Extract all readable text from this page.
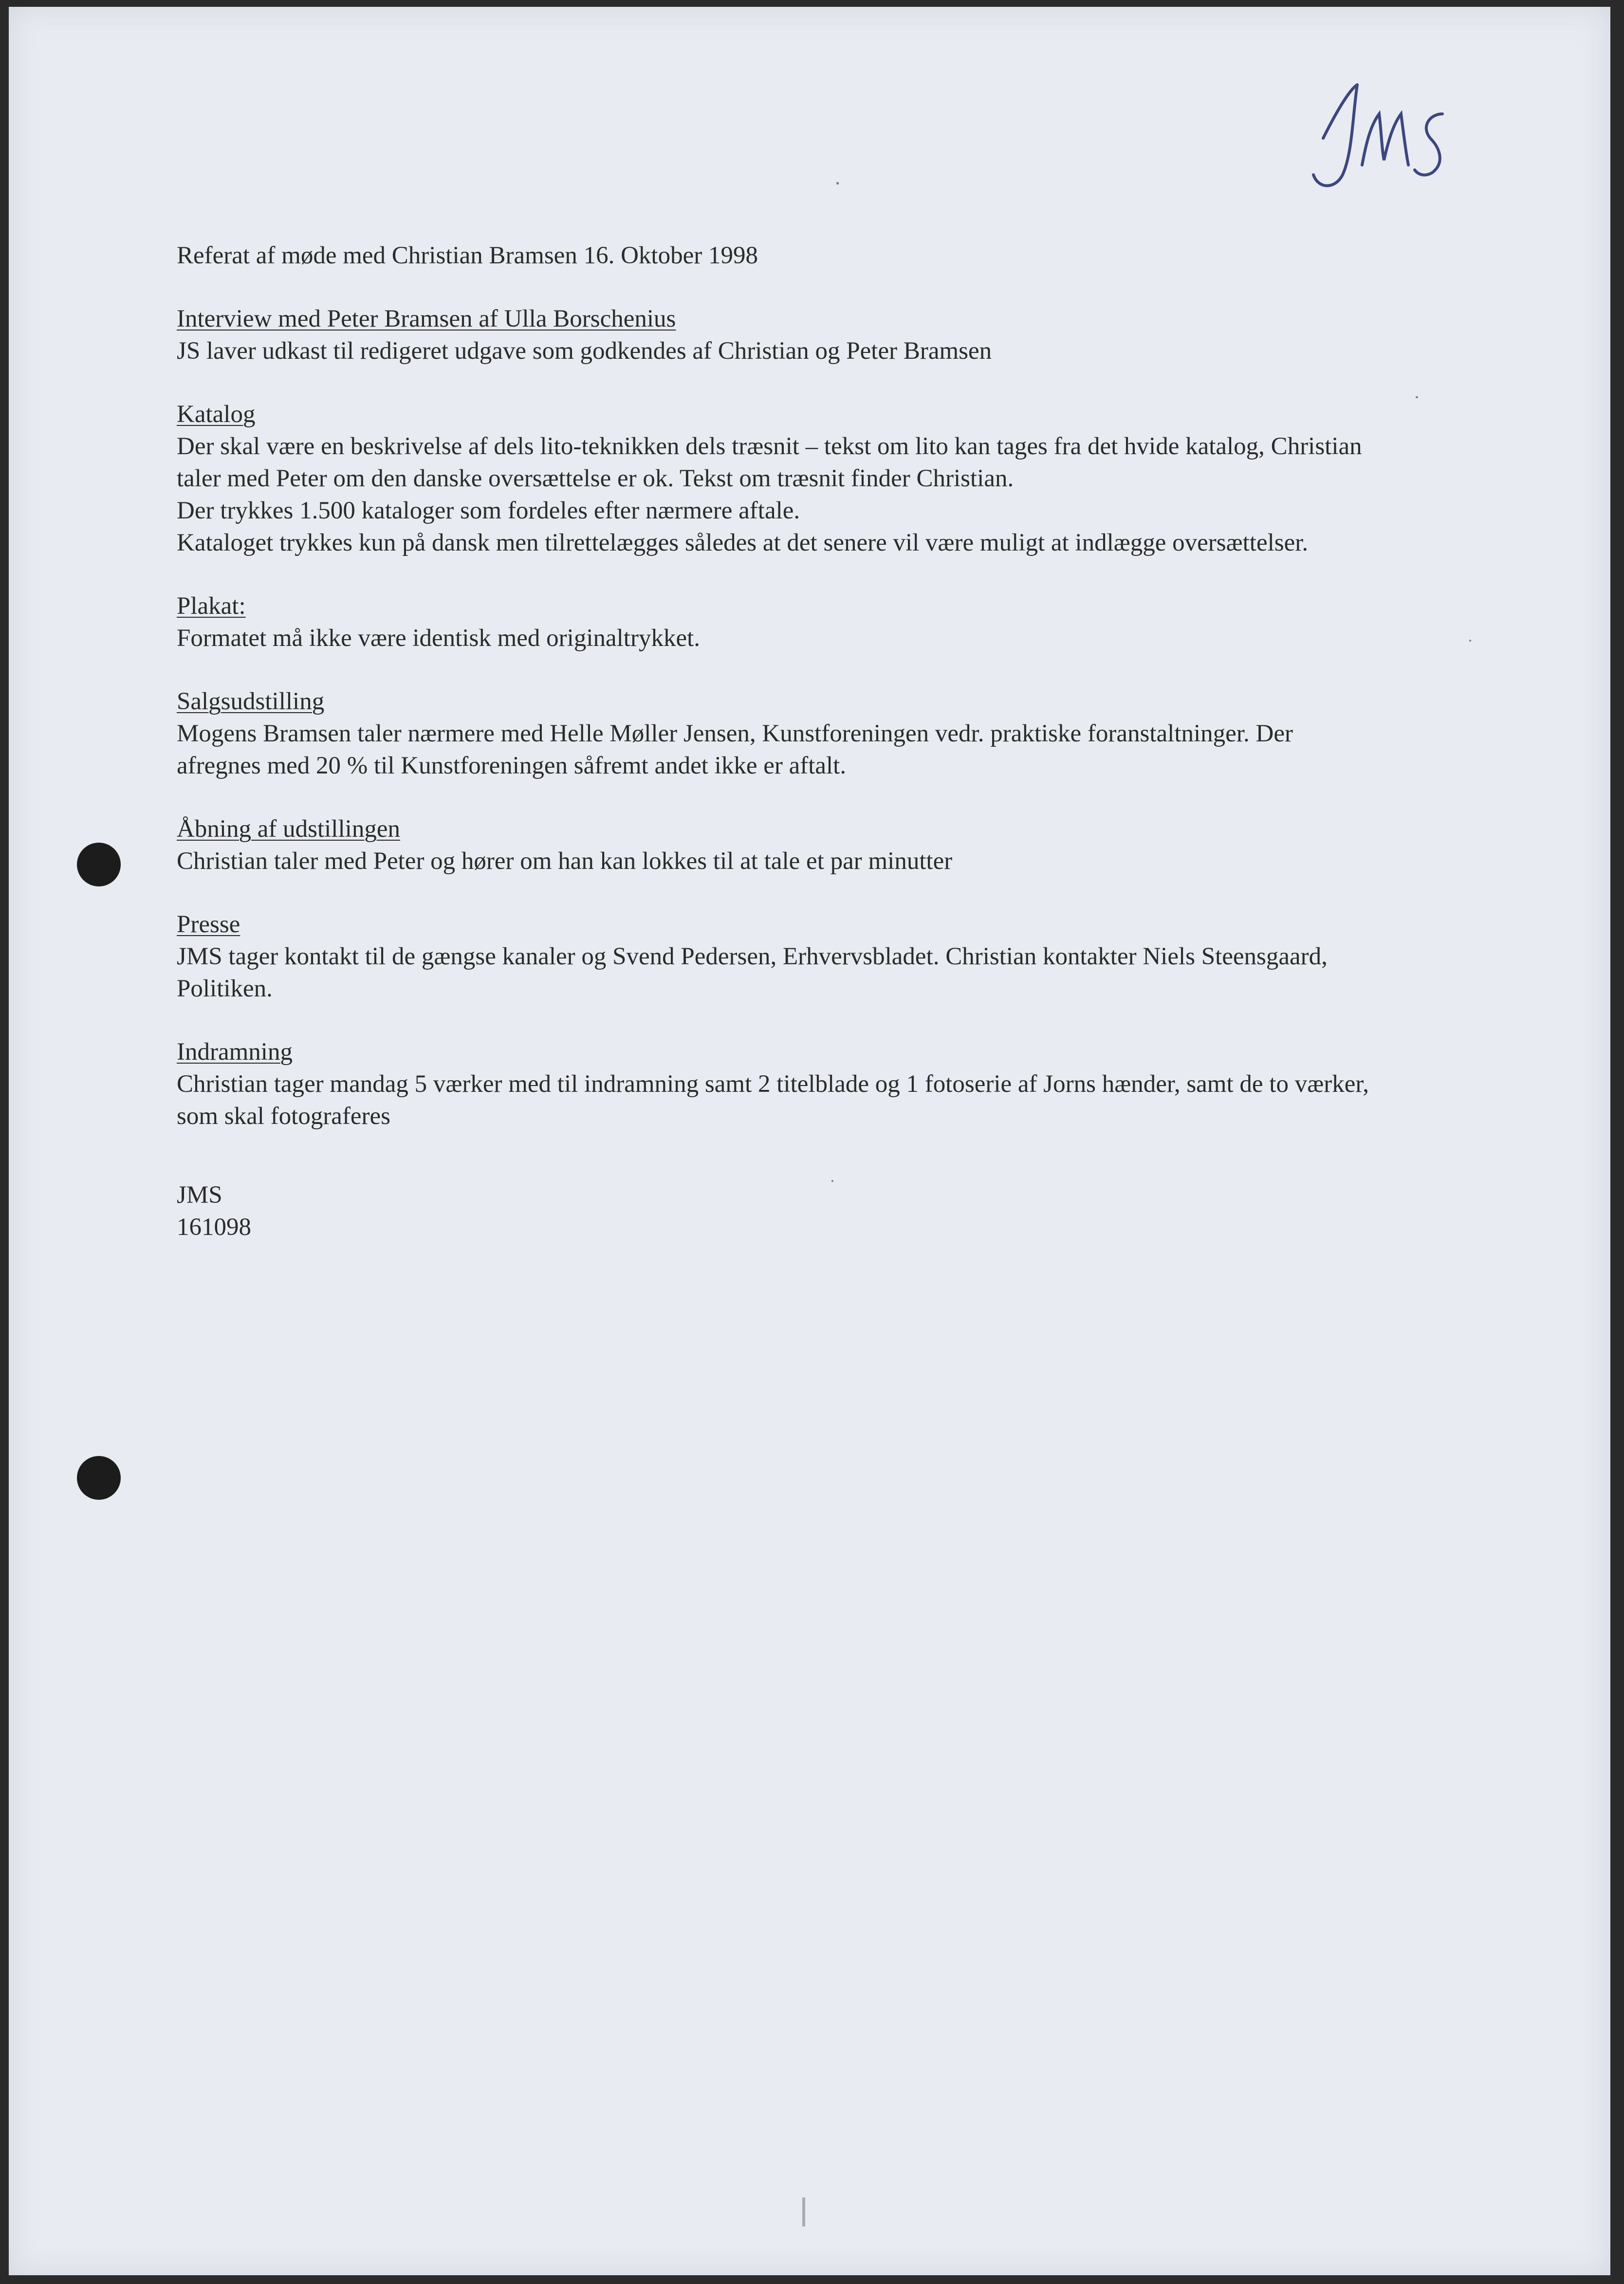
Referat af møde med Christian Bramsen 16. Oktober 1998
Interview med Peter Bramsen af Ulla Borschenius
JS laver udkast til redigeret udgave som godkendes af Christian og Peter Bramsen
Katalog
Der skal være en beskrivelse af dels lito-teknikken dels træsnit – tekst om lito kan tages fra det hvide katalog, Christian
taler med Peter om den danske oversættelse er ok. Tekst om træsnit finder Christian.
Der trykkes 1.500 kataloger som fordeles efter nærmere aftale.
Kataloget trykkes kun på dansk men tilrettelægges således at det senere vil være muligt at indlægge oversættelser.
Plakat:
Formatet må ikke være identisk med originaltrykket.
Salgsudstilling
Mogens Bramsen taler nærmere med Helle Møller Jensen, Kunstforeningen vedr. praktiske foranstaltninger. Der
afregnes med 20 % til Kunstforeningen såfremt andet ikke er aftalt.
Åbning af udstillingen
Christian taler med Peter og hører om han kan lokkes til at tale et par minutter
Presse
JMS tager kontakt til de gængse kanaler og Svend Pedersen, Erhvervsbladet. Christian kontakter Niels Steensgaard,
Politiken.
Indramning
Christian tager mandag 5 værker med til indramning samt 2 titelblade og 1 fotoserie af Jorns hænder, samt de to værker,
som skal fotograferes
JMS
161098
